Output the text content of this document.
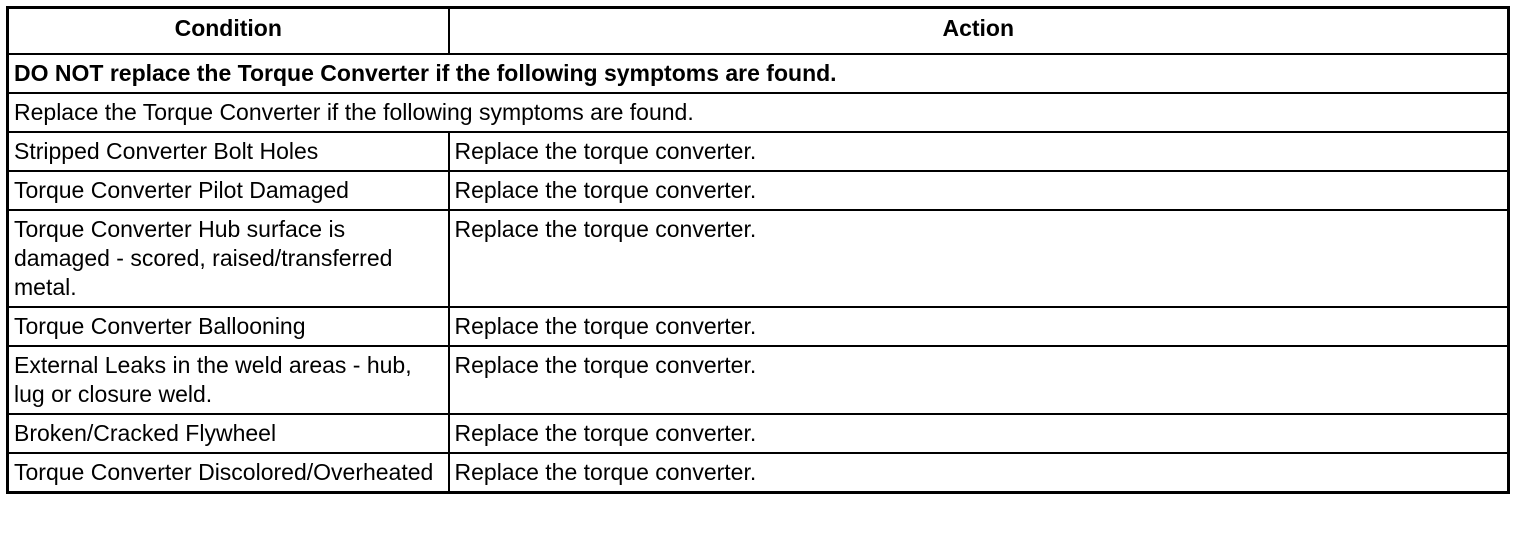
Condition	Action
DO NOT replace the Torque Converter if the following symptoms are found.	
Replace the Torque Converter if the following symptoms are found.	
Stripped Converter Bolt Holes	Replace the torque converter.
Torque Converter Pilot Damaged	Replace the torque converter.
Torque Converter Hub surface is damaged - scored, raised/transferred metal.	Replace the torque converter.
Torque Converter Ballooning	Replace the torque converter.
External Leaks in the weld areas - hub, lug or closure weld.	Replace the torque converter.
Broken/Cracked Flywheel	Replace the torque converter.
Torque Converter Discolored/Overheated	Replace the torque converter.
